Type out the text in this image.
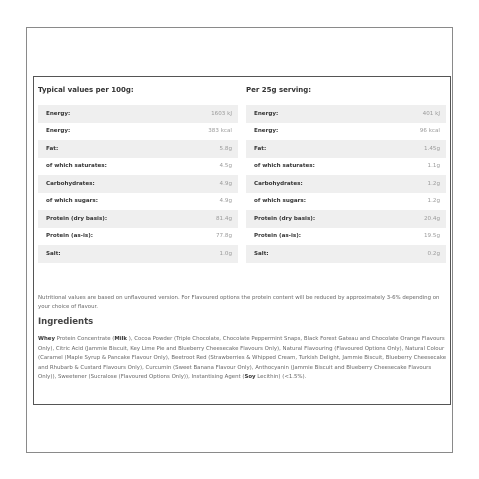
Typical values per 100g:
Energy:	1603 kJ
Energy:	383 kcal
Fat:	5.8g
of which saturates:	4.5g
Carbohydrates:	4.9g
of which sugars:	4.9g
Protein (dry basis):	81.4g
Protein (as-is):	77.8g
Salt:	1.0g
Per 25g serving:
Energy:	401 kJ
Energy:	96 kcal
Fat:	1.45g
of which saturates:	1.1g
Carbohydrates:	1.2g
of which sugars:	1.2g
Protein (dry basis):	20.4g
Protein (as-is):	19.5g
Salt:	0.2g
Nutritional values are based on unflavoured version. For Flavoured options the protein content will be reduced by approximately 3-6% depending on your choice of flavour.
Ingredients
Whey Protein Concentrate (Milk ), Cocoa Powder (Triple Chocolate, Chocolate Peppermint Snaps, Black Forest Gateau and Chocolate Orange Flavours Only), Citric Acid (Jammie Biscuit, Key Lime Pie and Blueberry Cheesecake Flavours Only), Natural Flavouring (Flavoured Options Only), Natural Colour (Caramel (Maple Syrup & Pancake Flavour Only), Beetroot Red (Strawberries & Whipped Cream, Turkish Delight, Jammie Biscuit, Blueberry Cheesecake and Rhubarb & Custard Flavours Only), Curcumin (Sweet Banana Flavour Only), Anthocyanin (Jammie Biscuit and Blueberry Cheesecake Flavours Only)), Sweetener (Sucralose (Flavoured Options Only)), Instantising Agent (Soy Lecithin) (<1.5%).
